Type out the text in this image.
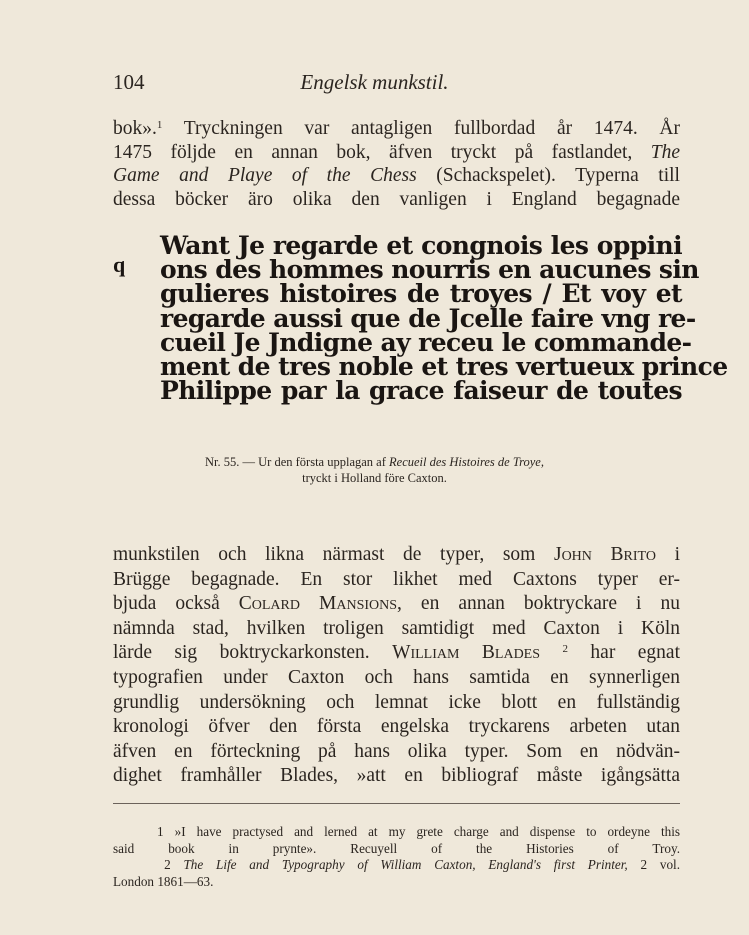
104	Engelsk munkstil.
bok».$^1$ Tryckningen var antagligen fullbordad år 1474. År
1475 följde en annan bok, äfven tryckt på fastlandet, The
Game and Playe of the Chess (Schackspelet). Typerna till
dessa böcker äro olika den vanligen i England begagnade
q
Want Je regarde et congnois les oppini
ons des hommes nourris en aucunes sin
gulieres histoires de troyes / Et voy et
regarde aussi que de Jcelle faire vng re-
cueil Je Jndigne ay receu le commande-
ment de tres noble et tres vertueux prince
Philippe par la grace faiseur de toutes
Nr. 55. — Ur den första upplagan af Recueil des Histoires de Troye,
tryckt i Holland före Caxton.
munkstilen och likna närmast de typer, som John Brito i
Brügge begagnade. En stor likhet med Caxtons typer er-
bjuda också Colard Mansions, en annan boktryckare i nu
nämnda stad, hvilken troligen samtidigt med Caxton i Köln
lärde sig boktryckarkonsten. William Blades $^2$ har egnat
typografien under Caxton och hans samtida en synnerligen
grundlig undersökning och lemnat icke blott en fullständig
kronologi öfver den första engelska tryckarens arbeten utan
äfven en förteckning på hans olika typer. Som en nödvän-
dighet framhåller Blades, »att en bibliograf måste igångsätta
1 »I have practysed and lerned at my grete charge and dispense to ordeyne this
said book in prynte». Recuyell of the Histories of Troy.
2 The Life and Typography of William Caxton, England's first Printer, 2 vol.
London 1861—63.
